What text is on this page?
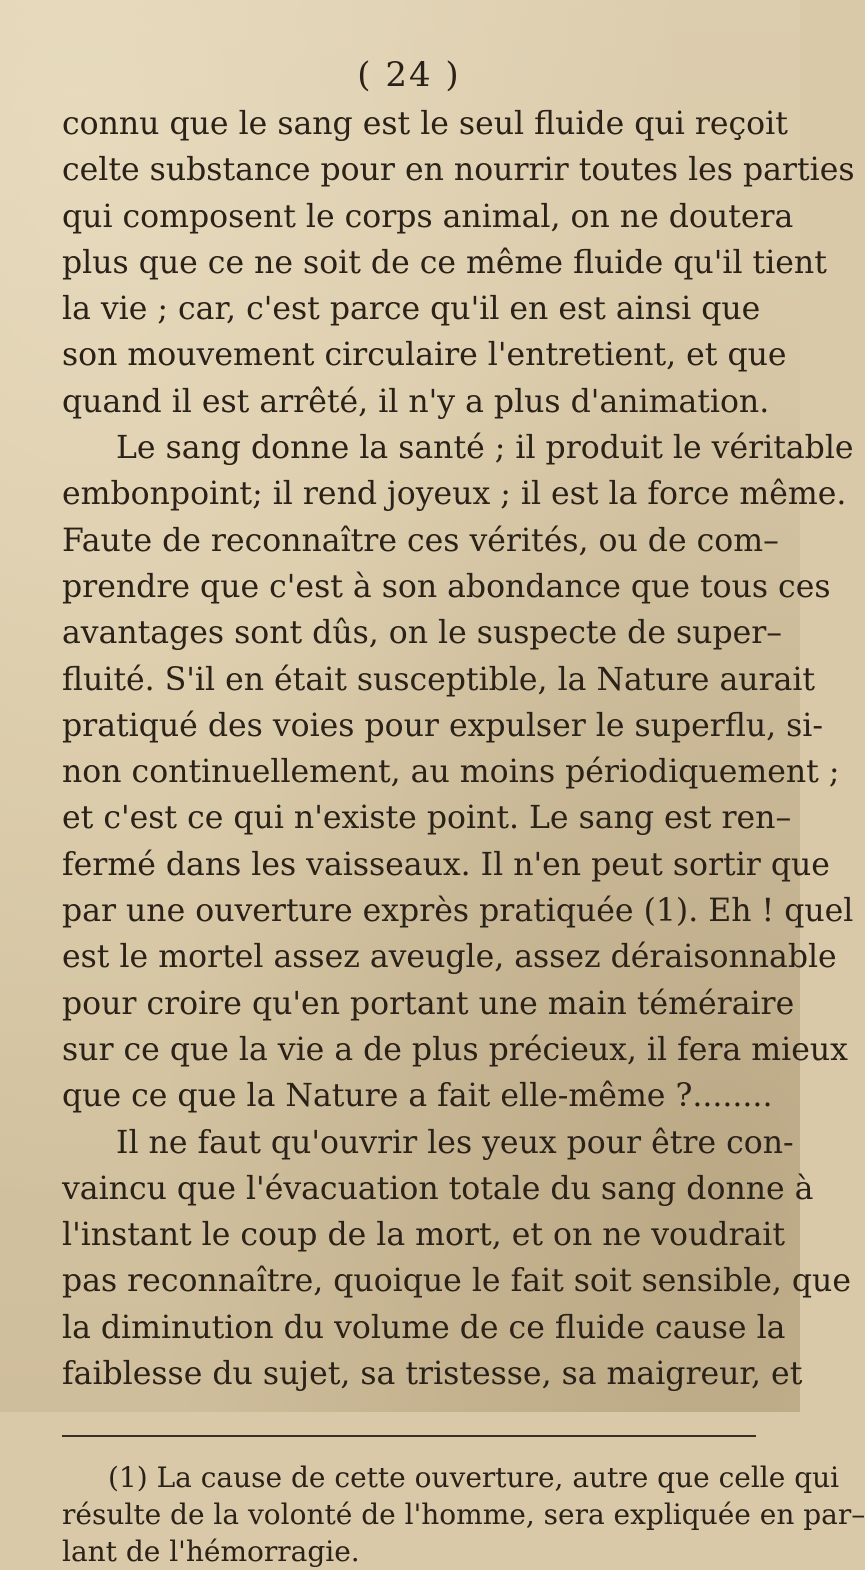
( 24 )

connu que le sang est le seul fluide qui reçoit
celte substance pour en nourrir toutes les parties
qui composent le corps animal, on ne doutera
plus que ce ne soit de ce même fluide qu'il tient
la vie ; car, c'est parce qu'il en est ainsi que
son mouvement circulaire l'entretient, et que
quand il est arrêté, il n'y a plus d'animation.

Le sang donne la santé ; il produit le véritable
embonpoint; il rend joyeux ; il est la force même.
Faute de reconnaître ces vérités, ou de com–
prendre que c'est à son abondance que tous ces
avantages sont dûs, on le suspecte de super–
fluité. S'il en était susceptible, la Nature aurait
pratiqué des voies pour expulser le superflu, si-
non continuellement, au moins périodiquement ;
et c'est ce qui n'existe point. Le sang est ren–
fermé dans les vaisseaux. Il n'en peut sortir que
par une ouverture exprès pratiquée (1). Eh ! quel
est le mortel assez aveugle, assez déraisonnable
pour croire qu'en portant une main téméraire
sur ce que la vie a de plus précieux, il fera mieux
que ce que la Nature a fait elle-même ?........

Il ne faut qu'ouvrir les yeux pour être con-
vaincu que l'évacuation totale du sang donne à
l'instant le coup de la mort, et on ne voudrait
pas reconnaître, quoique le fait soit sensible, que
la diminution du volume de ce fluide cause la
faiblesse du sujet, sa tristesse, sa maigreur, et

(1) La cause de cette ouverture, autre que celle qui
résulte de la volonté de l'homme, sera expliquée en par–
lant de l'hémorragie.
